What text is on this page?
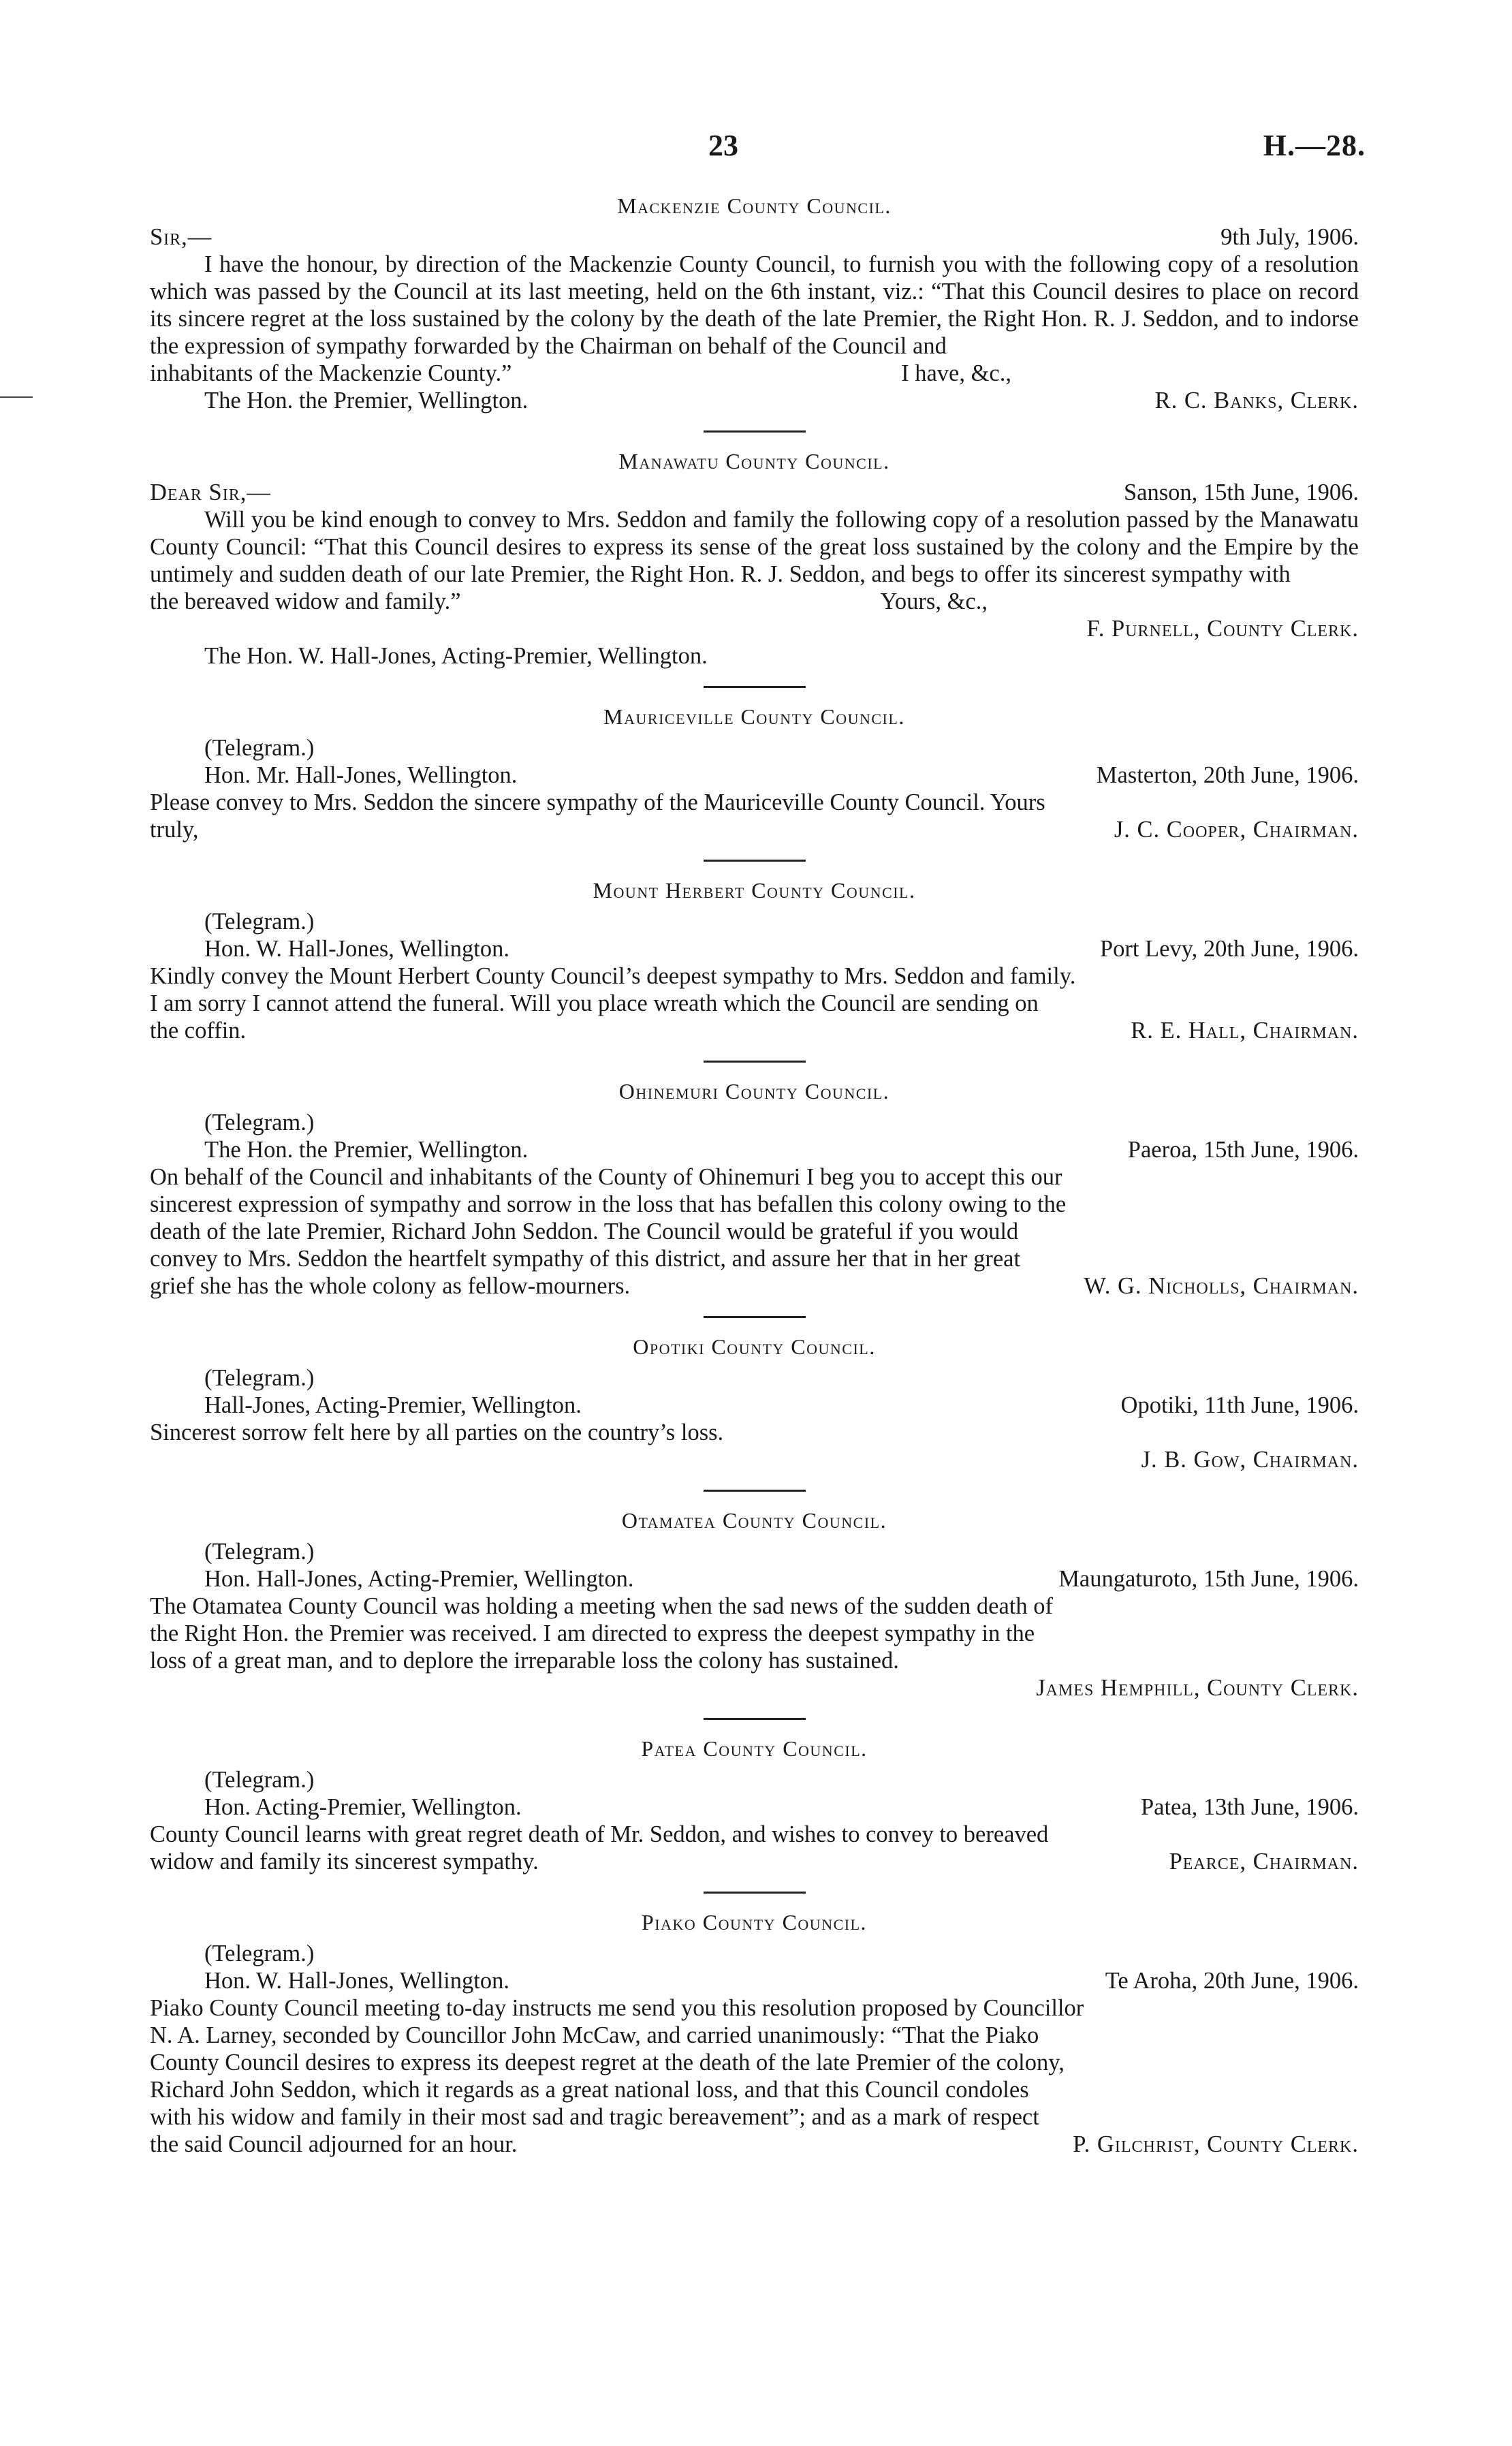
23	H.—28.
Mackenzie County Council.
Sir,—	9th July, 1906.
I have the honour, by direction of the Mackenzie County Council, to furnish you with the following copy of a resolution which was passed by the Council at its last meeting, held on the 6th instant, viz.: “That this Council desires to place on record its sincere regret at the loss sustained by the colony by the death of the late Premier, the Right Hon. R. J. Seddon, and to indorse the expression of sympathy forwarded by the Chairman on behalf of the Council and
inhabitants of the Mackenzie County.”	I have, &c.,
The Hon. the Premier, Wellington.	R. C. Banks, Clerk.
Manawatu County Council.
Dear Sir,—	Sanson, 15th June, 1906.
Will you be kind enough to convey to Mrs. Seddon and family the following copy of a resolution passed by the Manawatu County Council: “That this Council desires to express its sense of the great loss sustained by the colony and the Empire by the untimely and sudden death of our late Premier, the Right Hon. R. J. Seddon, and begs to offer its sincerest sympathy with
the bereaved widow and family.”	Yours, &c.,
F. Purnell, County Clerk.
The Hon. W. Hall-Jones, Acting-Premier, Wellington.
Mauriceville County Council.
(Telegram.)
Hon. Mr. Hall-Jones, Wellington.	Masterton, 20th June, 1906.
Please convey to Mrs. Seddon the sincere sympathy of the Mauriceville County Council. Yours
truly,	J. C. Cooper, Chairman.
Mount Herbert County Council.
(Telegram.)
Hon. W. Hall-Jones, Wellington.	Port Levy, 20th June, 1906.
Kindly convey the Mount Herbert County Council’s deepest sympathy to Mrs. Seddon and family.
I am sorry I cannot attend the funeral. Will you place wreath which the Council are sending on
the coffin.	R. E. Hall, Chairman.
Ohinemuri County Council.
(Telegram.)
The Hon. the Premier, Wellington.	Paeroa, 15th June, 1906.
On behalf of the Council and inhabitants of the County of Ohinemuri I beg you to accept this our
sincerest expression of sympathy and sorrow in the loss that has befallen this colony owing to the
death of the late Premier, Richard John Seddon. The Council would be grateful if you would
convey to Mrs. Seddon the heartfelt sympathy of this district, and assure her that in her great
grief she has the whole colony as fellow-mourners.	W. G. Nicholls, Chairman.
Opotiki County Council.
(Telegram.)
Hall-Jones, Acting-Premier, Wellington.	Opotiki, 11th June, 1906.
Sincerest sorrow felt here by all parties on the country’s loss.
J. B. Gow, Chairman.
Otamatea County Council.
(Telegram.)
Hon. Hall-Jones, Acting-Premier, Wellington.	Maungaturoto, 15th June, 1906.
The Otamatea County Council was holding a meeting when the sad news of the sudden death of
the Right Hon. the Premier was received. I am directed to express the deepest sympathy in the
loss of a great man, and to deplore the irreparable loss the colony has sustained.
James Hemphill, County Clerk.
Patea County Council.
(Telegram.)
Hon. Acting-Premier, Wellington.	Patea, 13th June, 1906.
County Council learns with great regret death of Mr. Seddon, and wishes to convey to bereaved
widow and family its sincerest sympathy.	Pearce, Chairman.
Piako County Council.
(Telegram.)
Hon. W. Hall-Jones, Wellington.	Te Aroha, 20th June, 1906.
Piako County Council meeting to-day instructs me send you this resolution proposed by Councillor
N. A. Larney, seconded by Councillor John McCaw, and carried unanimously: “That the Piako
County Council desires to express its deepest regret at the death of the late Premier of the colony,
Richard John Seddon, which it regards as a great national loss, and that this Council condoles
with his widow and family in their most sad and tragic bereavement”; and as a mark of respect
the said Council adjourned for an hour.	P. Gilchrist, County Clerk.
